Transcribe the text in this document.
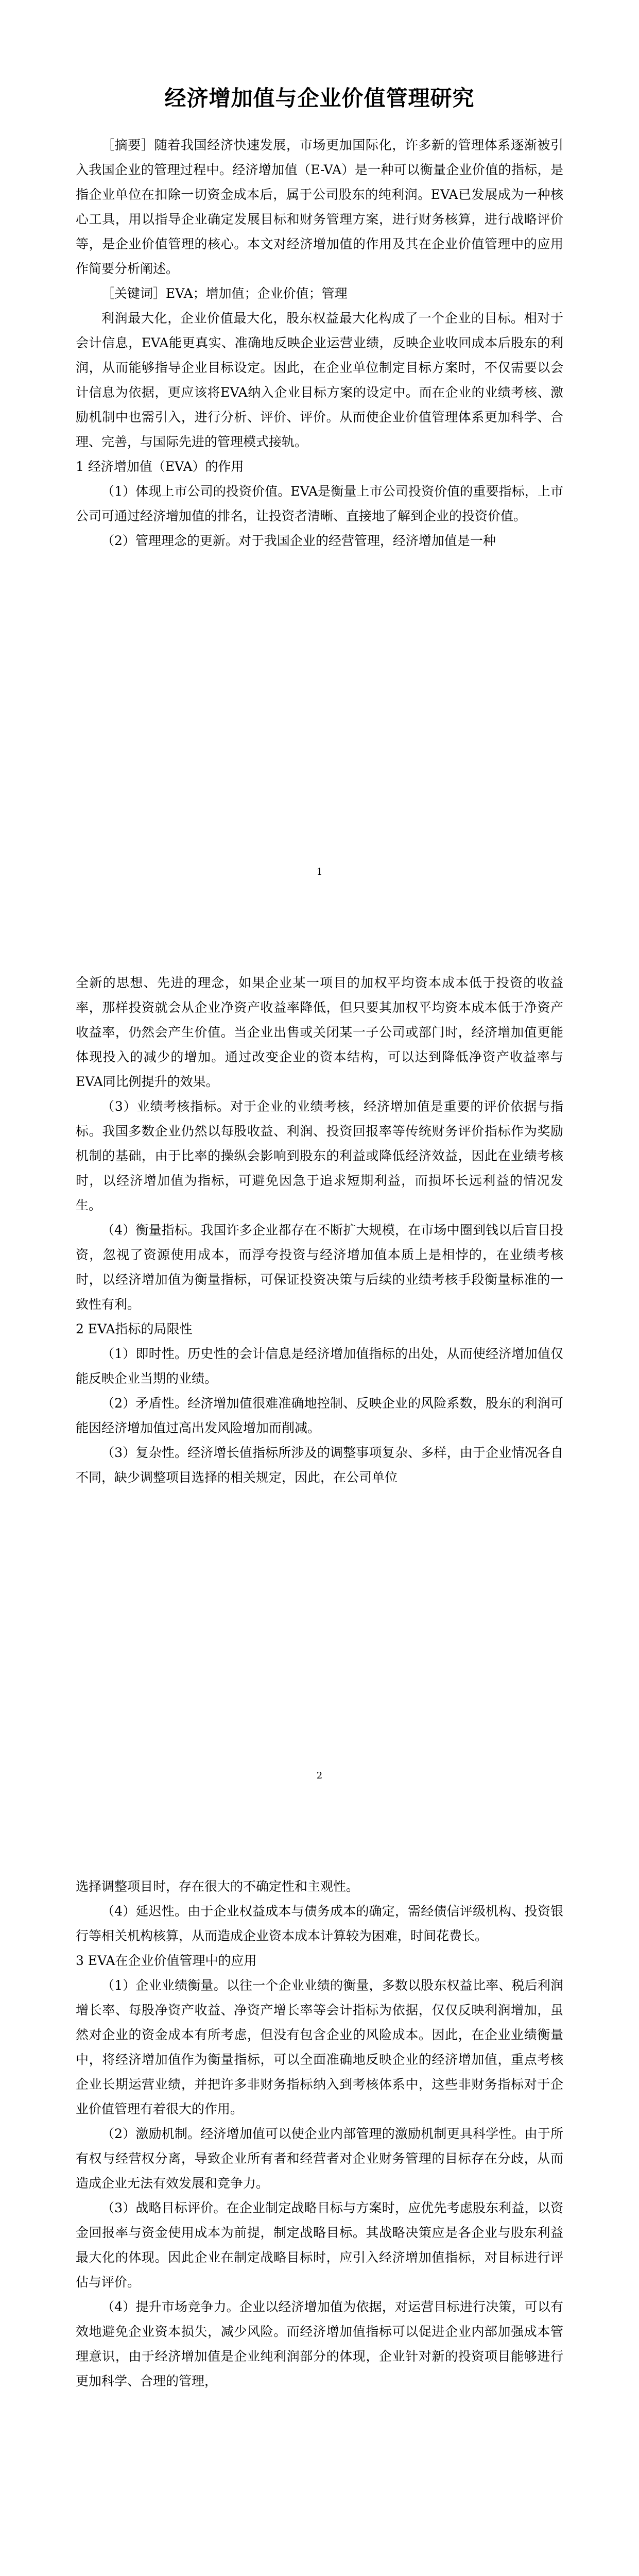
经济增加值与企业价值管理研究

［摘要］随着我国经济快速发展，市场更加国际化，许多新的管理体系逐渐被引入我国企业的管理过程中。经济增加值（E-VA）是一种可以衡量企业价值的指标，是指企业单位在扣除一切资金成本后，属于公司股东的纯利润。EVA已发展成为一种核心工具，用以指导企业确定发展目标和财务管理方案，进行财务核算，进行战略评价等，是企业价值管理的核心。本文对经济增加值的作用及其在企业价值管理中的应用作简要分析阐述。

［关键词］EVA；增加值；企业价值；管理

利润最大化，企业价值最大化，股东权益最大化构成了一个企业的目标。相对于会计信息，EVA能更真实、准确地反映企业运营业绩，反映企业收回成本后股东的利润，从而能够指导企业目标设定。因此，在企业单位制定目标方案时，不仅需要以会计信息为依据，更应该将EVA纳入企业目标方案的设定中。而在企业的业绩考核、激励机制中也需引入，进行分析、评价、评价。从而使企业价值管理体系更加科学、合理、完善，与国际先进的管理模式接轨。

1 经济增加值（EVA）的作用

（1）体现上市公司的投资价值。EVA是衡量上市公司投资价值的重要指标，上市公司可通过经济增加值的排名，让投资者清晰、直接地了解到企业的投资价值。

（2）管理理念的更新。对于我国企业的经营管理，经济增加值是一种

1

全新的思想、先进的理念，如果企业某一项目的加权平均资本成本低于投资的收益率，那样投资就会从企业净资产收益率降低，但只要其加权平均资本成本低于净资产收益率，仍然会产生价值。当企业出售或关闭某一子公司或部门时，经济增加值更能体现投入的减少的增加。通过改变企业的资本结构，可以达到降低净资产收益率与EVA同比例提升的效果。

（3）业绩考核指标。对于企业的业绩考核，经济增加值是重要的评价依据与指标。我国多数企业仍然以每股收益、利润、投资回报率等传统财务评价指标作为奖励机制的基础，由于比率的操纵会影响到股东的利益或降低经济效益，因此在业绩考核时，以经济增加值为指标，可避免因急于追求短期利益，而损坏长远利益的情况发生。

（4）衡量指标。我国许多企业都存在不断扩大规模，在市场中圈到钱以后盲目投资，忽视了资源使用成本，而浮夸投资与经济增加值本质上是相悖的，在业绩考核时，以经济增加值为衡量指标，可保证投资决策与后续的业绩考核手段衡量标准的一致性有利。

2 EVA指标的局限性

（1）即时性。历史性的会计信息是经济增加值指标的出处，从而使经济增加值仅能反映企业当期的业绩。

（2）矛盾性。经济增加值很难准确地控制、反映企业的风险系数，股东的利润可能因经济增加值过高出发风险增加而削减。

（3）复杂性。经济增长值指标所涉及的调整事项复杂、多样，由于企业情况各自不同，缺少调整项目选择的相关规定，因此，在公司单位

2

选择调整项目时，存在很大的不确定性和主观性。

（4）延迟性。由于企业权益成本与债务成本的确定，需经债信评级机构、投资银行等相关机构核算，从而造成企业资本成本计算较为困难，时间花费长。

3 EVA在企业价值管理中的应用

（1）企业业绩衡量。以往一个企业业绩的衡量，多数以股东权益比率、税后利润增长率、每股净资产收益、净资产增长率等会计指标为依据，仅仅反映利润增加，虽然对企业的资金成本有所考虑，但没有包含企业的风险成本。因此，在企业业绩衡量中，将经济增加值作为衡量指标，可以全面准确地反映企业的经济增加值，重点考核企业长期运营业绩，并把许多非财务指标纳入到考核体系中，这些非财务指标对于企业价值管理有着很大的作用。

（2）激励机制。经济增加值可以使企业内部管理的激励机制更具科学性。由于所有权与经营权分离，导致企业所有者和经营者对企业财务管理的目标存在分歧，从而造成企业无法有效发展和竞争力。

（3）战略目标评价。在企业制定战略目标与方案时，应优先考虑股东利益，以资金回报率与资金使用成本为前提，制定战略目标。其战略决策应是各企业与股东利益最大化的体现。因此企业在制定战略目标时，应引入经济增加值指标，对目标进行评估与评价。

（4）提升市场竞争力。企业以经济增加值为依据，对运营目标进行决策，可以有效地避免企业资本损失，减少风险。而经济增加值指标可以促进企业内部加强成本管理意识，由于经济增加值是企业纯利润部分的体现，企业针对新的投资项目能够进行更加科学、合理的管理，
